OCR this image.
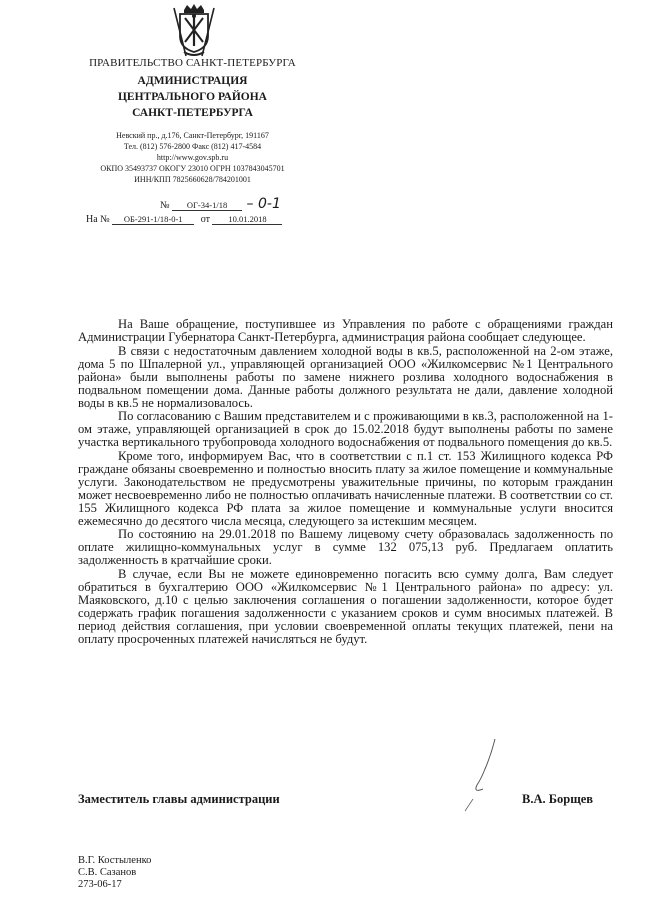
ПРАВИТЕЛЬСТВО САНКТ-ПЕТЕРБУРГА
АДМИНИСТРАЦИЯ
ЦЕНТРАЛЬНОГО РАЙОНА
САНКТ-ПЕТЕРБУРГА
Невский пр., д.176, Санкт-Петербург, 191167
Тел. (812) 576-2800 Факс (812) 417-4584
http://www.gov.spb.ru
ОКПО 35493737 ОКОГУ 23010 ОГРН 1037843045701
ИНН/КПП 7825660628/784201001
№ ОГ-34-1/18 – 0-1
На № ОБ-291-1/18-0-1 от 10.01.2018

На Ваше обращение, поступившее из Управления по работе с обращениями граждан Администрации Губернатора Санкт-Петербурга, администрация района сообщает следующее.

В связи с недостаточным давлением холодной воды в кв.5, расположенной на 2-ом этаже, дома 5 по Шпалерной ул., управляющей организацией ООО «Жилкомсервис №1 Центрального района» были выполнены работы по замене нижнего розлива холодного водоснабжения в подвальном помещении дома. Данные работы должного результата не дали, давление холодной воды в кв.5 не нормализовалось.

По согласованию с Вашим представителем и с проживающими в кв.3, расположенной на 1-ом этаже, управляющей организацией в срок до 15.02.2018 будут выполнены работы по замене участка вертикального трубопровода холодного водоснабжения от подвального помещения до кв.5.

Кроме того, информируем Вас, что в соответствии с п.1 ст. 153 Жилищного кодекса РФ граждане обязаны своевременно и полностью вносить плату за жилое помещение и коммунальные услуги. Законодательством не предусмотрены уважительные причины, по которым гражданин может несвоевременно либо не полностью оплачивать начисленные платежи. В соответствии со ст. 155 Жилищного кодекса РФ плата за жилое помещение и коммунальные услуги вносится ежемесячно до десятого числа месяца, следующего за истекшим месяцем.

По состоянию на 29.01.2018 по Вашему лицевому счету образовалась задолженность по оплате жилищно-коммунальных услуг в сумме 132 075,13 руб. Предлагаем оплатить задолженность в кратчайшие сроки.

В случае, если Вы не можете единовременно погасить всю сумму долга, Вам следует обратиться в бухгалтерию ООО «Жилкомсервис №1 Центрального района» по адресу: ул. Маяковского, д.10 с целью заключения соглашения о погашении задолженности, которое будет содержать график погашения задолженности с указанием сроков и сумм вносимых платежей. В период действия соглашения, при условии своевременной оплаты текущих платежей, пени на оплату просроченных платежей начисляться не будут.

Заместитель главы администрации	В.А. Борщев
В.Г. Костыленко
С.В. Сазанов
273-06-17
